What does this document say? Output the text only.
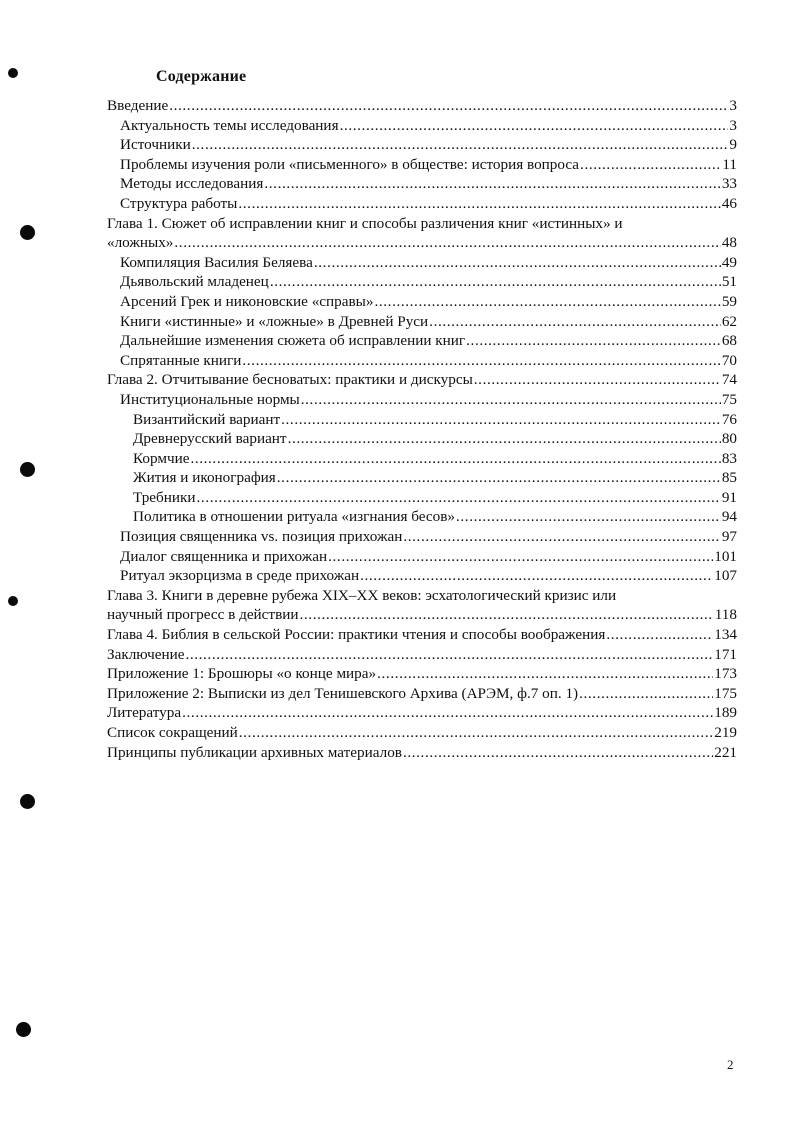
Содержание
Введение .....	3
Актуальность темы исследования .....	3
Источники .....	9
Проблемы изучения роли «письменного» в обществе: история вопроса .....	11
Методы исследования .....	33
Структура работы .....	46
Глава 1. Сюжет об исправлении книг и способы различения книг «истинных» и
«ложных» .....	48
Компиляция Василия Беляева .....	49
Дьявольский младенец .....	51
Арсений Грек и никоновские «справы» .....	59
Книги «истинные» и «ложные» в Древней Руси .....	62
Дальнейшие изменения сюжета об исправлении книг .....	68
Спрятанные книги .....	70
Глава 2. Отчитывание бесноватых: практики и дискурсы .....	74
Институциональные нормы .....	75
Византийский вариант .....	76
Древнерусский вариант .....	80
Кормчие .....	83
Жития и иконография .....	85
Требники .....	91
Политика в отношении ритуала «изгнания бесов» .....	94
Позиция священника vs. позиция прихожан .....	97
Диалог священника и прихожан .....	101
Ритуал экзорцизма в среде прихожан .....	107
Глава 3. Книги в деревне рубежа XIX–XX веков: эсхатологический кризис или
научный прогресс в действии .....	118
Глава 4. Библия в сельской России: практики чтения и способы воображения .....	134
Заключение .....	171
Приложение 1: Брошюры «о конце мира» .....	173
Приложение 2: Выписки из дел Тенишевского Архива (АРЭМ, ф.7 оп. 1) .....	175
Литература .....	189
Список сокращений .....	219
Принципы публикации архивных материалов .....	221
2
